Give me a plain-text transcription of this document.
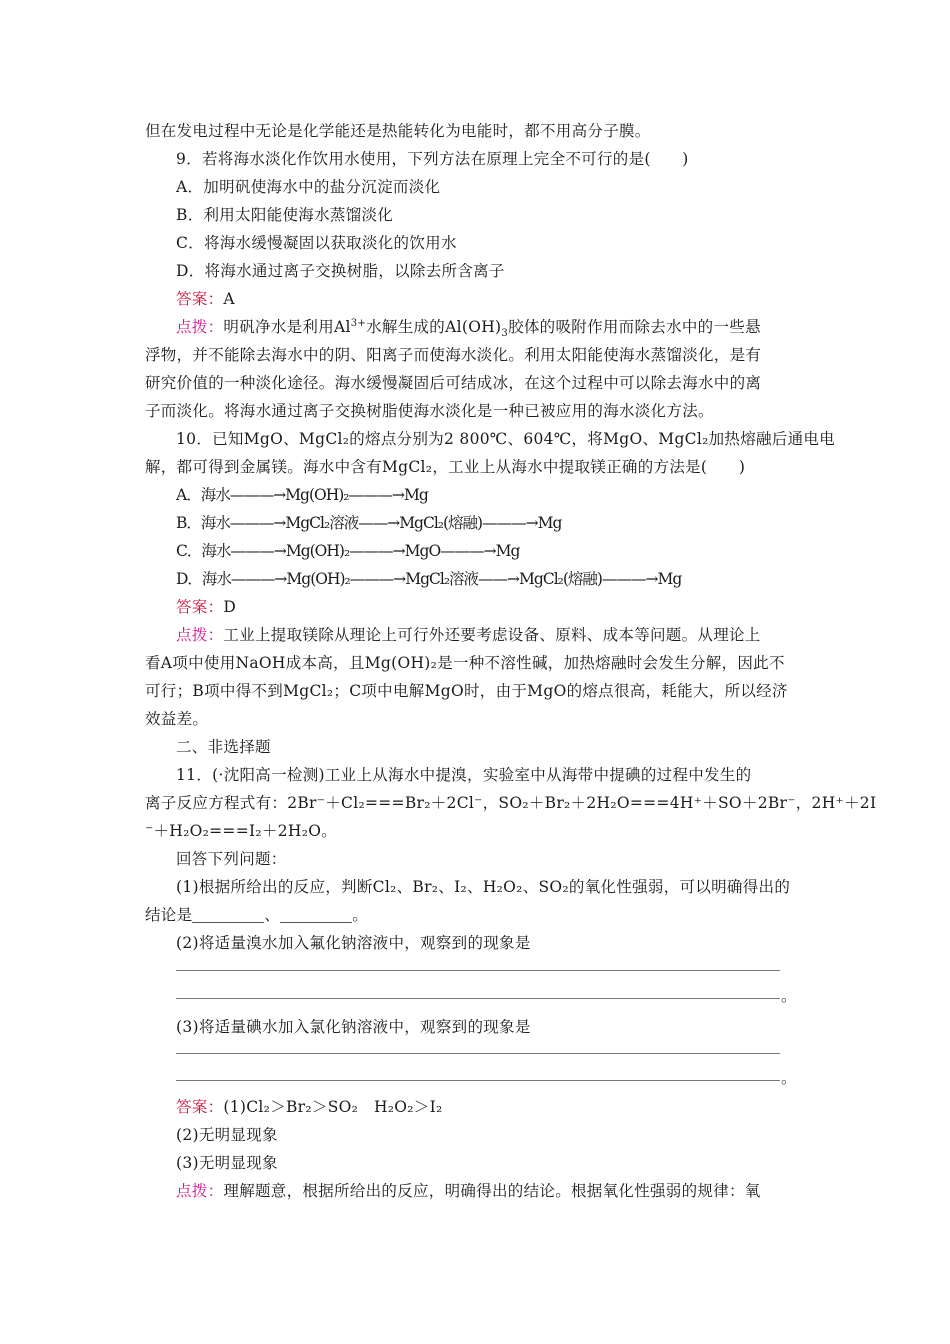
但在发电过程中无论是化学能还是热能转化为电能时，都不用高分子膜。
9．若将海水淡化作饮用水使用，下列方法在原理上完全不可行的是(　　)
A．加明矾使海水中的盐分沉淀而淡化
B．利用太阳能使海水蒸馏淡化
C．将海水缓慢凝固以获取淡化的饮用水
D．将海水通过离子交换树脂，以除去所含离子
答案：A
点拨：明矾净水是利用$Al^{3+}$水解生成的$Al(OH)_3$胶体的吸附作用而除去水中的一些悬
浮物，并不能除去海水中的阴、阳离子而使海水淡化。利用太阳能使海水蒸馏淡化，是有
研究价值的一种淡化途径。海水缓慢凝固后可结成冰，在这个过程中可以除去海水中的离
子而淡化。将海水通过离子交换树脂使海水淡化是一种已被应用的海水淡化方法。
10．已知MgO、MgCl₂的熔点分别为2 800℃、604℃，将MgO、MgCl₂加热熔融后通电电
解，都可得到金属镁。海水中含有MgCl₂，工业上从海水中提取镁正确的方法是(　　)
A．海水———→Mg(OH)₂———→Mg
B．海水———→MgCl₂溶液——→MgCl₂(熔融)———→Mg
C．海水———→Mg(OH)₂———→MgO———→Mg
D．海水———→Mg(OH)₂———→MgCl₂溶液——→MgCl₂(熔融)———→Mg
答案：D
点拨：工业上提取镁除从理论上可行外还要考虑设备、原料、成本等问题。从理论上
看A项中使用NaOH成本高，且Mg(OH)₂是一种不溶性碱，加热熔融时会发生分解，因此不
可行；B项中得不到MgCl₂；C项中电解MgO时，由于MgO的熔点很高，耗能大，所以经济
效益差。
二、非选择题
11．(·沈阳高一检测)工业上从海水中提溴，实验室中从海带中提碘的过程中发生的
离子反应方程式有：2Br⁻＋Cl₂===Br₂＋2Cl⁻，SO₂＋Br₂＋2H₂O===4H⁺＋SO＋2Br⁻，2H⁺＋2I
⁻＋H₂O₂===I₂＋2H₂O。
回答下列问题：
(1)根据所给出的反应，判断Cl₂、Br₂、I₂、H₂O₂、SO₂的氧化性强弱，可以明确得出的
结论是	、	。
(2)将适量溴水加入氟化钠溶液中，观察到的现象是
。
(3)将适量碘水加入氯化钠溶液中，观察到的现象是
。
答案：(1)Cl₂＞Br₂＞SO₂　H₂O₂＞I₂
(2)无明显现象
(3)无明显现象
点拨：理解题意，根据所给出的反应，明确得出的结论。根据氧化性强弱的规律：氧
